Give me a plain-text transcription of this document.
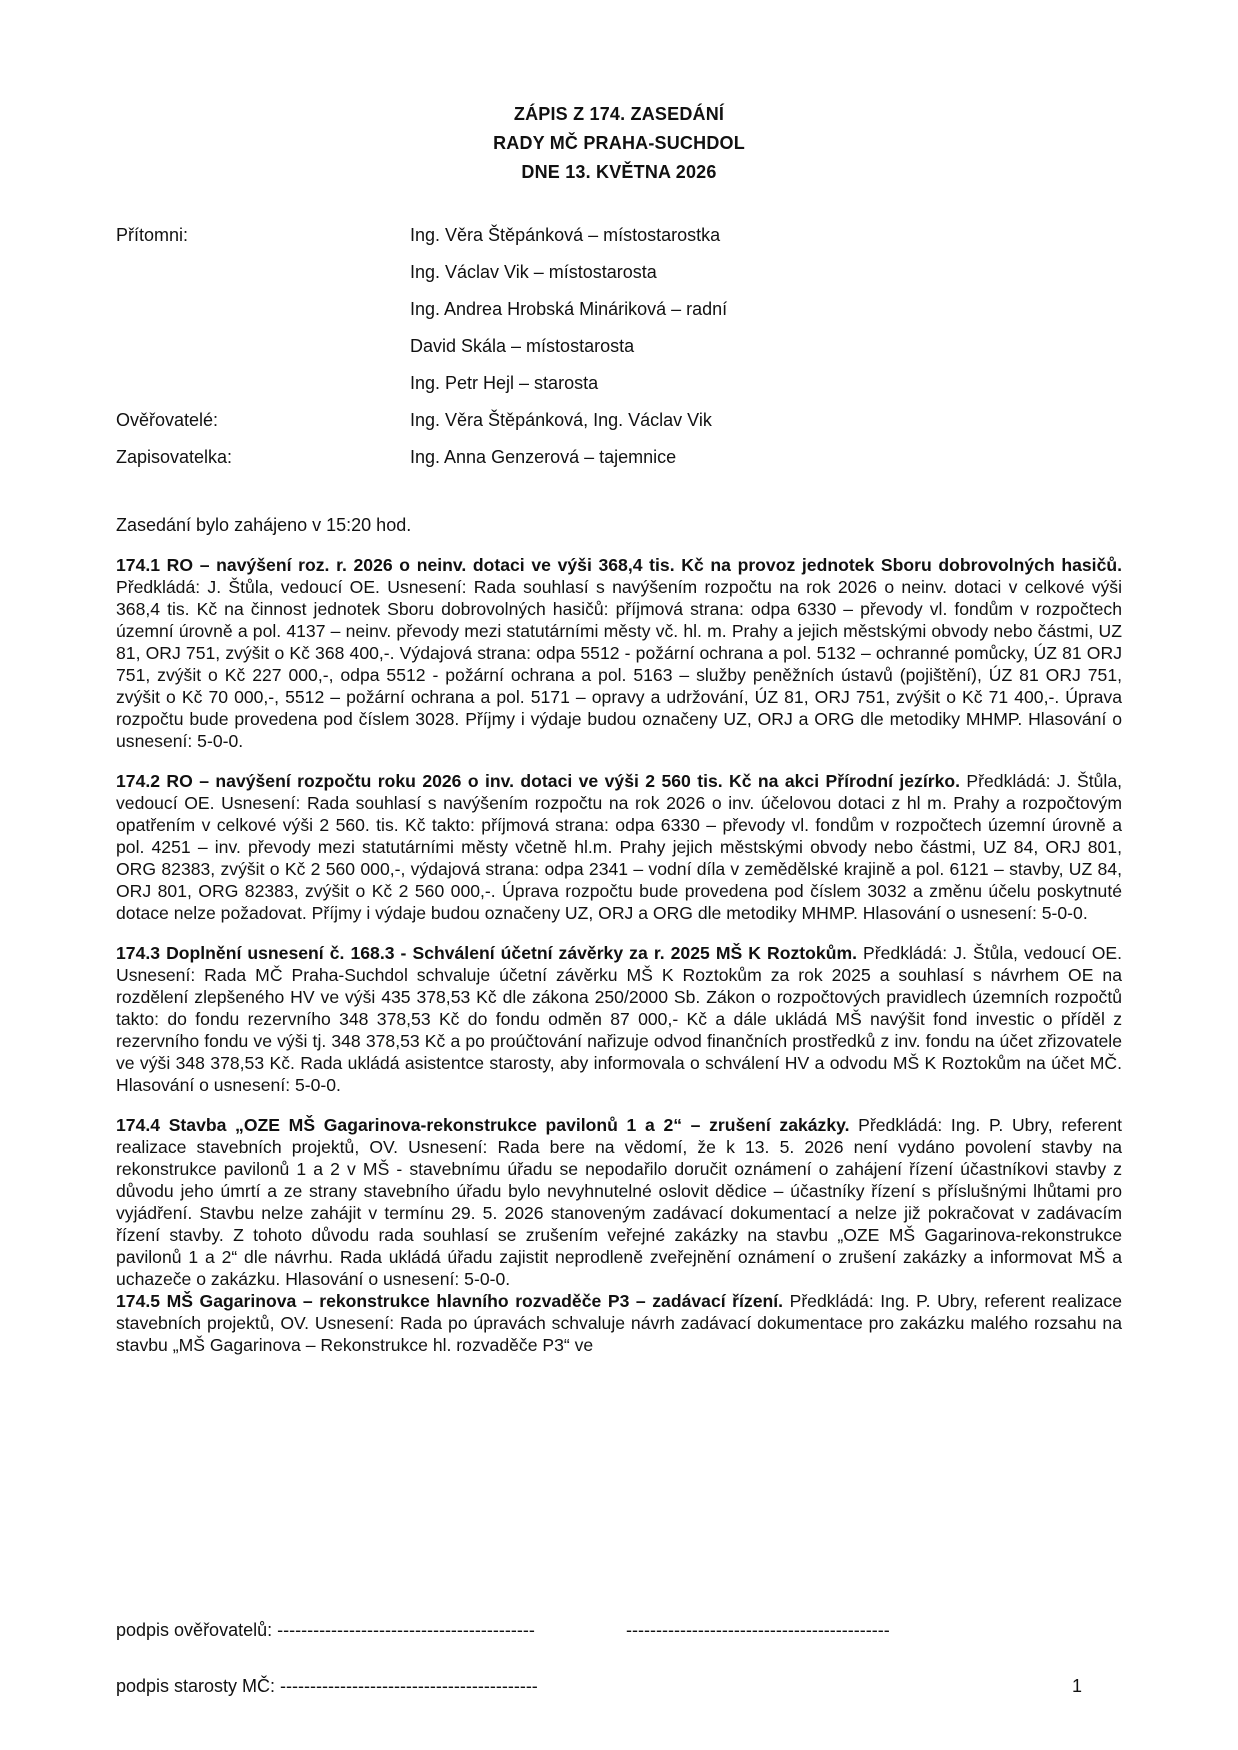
ZÁPIS Z 174. ZASEDÁNÍ
RADY MČ PRAHA-SUCHDOL
DNE 13. KVĚTNA 2026
Přítomni:	Ing. Věra Štěpánková – místostarostka
Ing. Václav Vik – místostarosta
Ing. Andrea Hrobská Mináriková – radní
David Skála – místostarosta
Ing. Petr Hejl – starosta
Ověřovatelé:	Ing. Věra Štěpánková, Ing. Václav Vik
Zapisovatelka:	Ing. Anna Genzerová – tajemnice
Zasedání bylo zahájeno v 15:20 hod.
174.1 RO – navýšení roz. r. 2026 o neinv. dotaci ve výši 368,4 tis. Kč na provoz jednotek Sboru dobrovolných hasičů. Předkládá: J. Štůla, vedoucí OE. Usnesení: Rada souhlasí s navýšením rozpočtu na rok 2026 o neinv. dotaci v celkové výši 368,4 tis. Kč na činnost jednotek Sboru dobrovolných hasičů: příjmová strana: odpa 6330 – převody vl. fondům v rozpočtech územní úrovně a pol. 4137 – neinv. převody mezi statutárními městy vč. hl. m. Prahy a jejich městskými obvody nebo částmi, UZ 81, ORJ 751, zvýšit o Kč 368 400,-. Výdajová strana: odpa 5512 - požární ochrana a pol. 5132 – ochranné pomůcky, ÚZ 81 ORJ 751, zvýšit o Kč 227 000,-, odpa 5512 - požární ochrana a pol. 5163 – služby peněžních ústavů (pojištění), ÚZ 81 ORJ 751, zvýšit o Kč 70 000,-, 5512 – požární ochrana a pol. 5171 – opravy a udržování, ÚZ 81, ORJ 751, zvýšit o Kč 71 400,-. Úprava rozpočtu bude provedena pod číslem 3028. Příjmy i výdaje budou označeny UZ, ORJ a ORG dle metodiky MHMP. Hlasování o usnesení: 5-0-0.
174.2 RO – navýšení rozpočtu roku 2026 o inv. dotaci ve výši 2 560 tis. Kč na akci Přírodní jezírko. Předkládá: J. Štůla, vedoucí OE. Usnesení: Rada souhlasí s navýšením rozpočtu na rok 2026 o inv. účelovou dotaci z hl m. Prahy a rozpočtovým opatřením v celkové výši 2 560. tis. Kč takto: příjmová strana: odpa 6330 – převody vl. fondům v rozpočtech územní úrovně a pol. 4251 – inv. převody mezi statutárními městy včetně hl.m. Prahy jejich městskými obvody nebo částmi, UZ 84, ORJ 801, ORG 82383, zvýšit o Kč 2 560 000,-, výdajová strana: odpa 2341 – vodní díla v zemědělské krajině a pol. 6121 – stavby, UZ 84, ORJ 801, ORG 82383, zvýšit o Kč 2 560 000,-. Úprava rozpočtu bude provedena pod číslem 3032 a změnu účelu poskytnuté dotace nelze požadovat. Příjmy i výdaje budou označeny UZ, ORJ a ORG dle metodiky MHMP. Hlasování o usnesení: 5-0-0.
174.3 Doplnění usnesení č. 168.3 - Schválení účetní závěrky za r. 2025 MŠ K Roztokům. Předkládá: J. Štůla, vedoucí OE. Usnesení: Rada MČ Praha-Suchdol schvaluje účetní závěrku MŠ K Roztokům za rok 2025 a souhlasí s návrhem OE na rozdělení zlepšeného HV ve výši 435 378,53 Kč dle zákona 250/2000 Sb. Zákon o rozpočtových pravidlech územních rozpočtů takto: do fondu rezervního 348 378,53 Kč do fondu odměn 87 000,- Kč a dále ukládá MŠ navýšit fond investic o příděl z rezervního fondu ve výši tj. 348 378,53 Kč a po proúčtování nařizuje odvod finančních prostředků z inv. fondu na účet zřizovatele ve výši 348 378,53 Kč. Rada ukládá asistentce starosty, aby informovala o schválení HV a odvodu MŠ K Roztokům na účet MČ. Hlasování o usnesení: 5-0-0.
174.4 Stavba „OZE MŠ Gagarinova-rekonstrukce pavilonů 1 a 2“ – zrušení zakázky. Předkládá: Ing. P. Ubry, referent realizace stavebních projektů, OV. Usnesení: Rada bere na vědomí, že k 13. 5. 2026 není vydáno povolení stavby na rekonstrukce pavilonů 1 a 2 v MŠ - stavebnímu úřadu se nepodařilo doručit oznámení o zahájení řízení účastníkovi stavby z důvodu jeho úmrtí a ze strany stavebního úřadu bylo nevyhnutelné oslovit dědice – účastníky řízení s příslušnými lhůtami pro vyjádření. Stavbu nelze zahájit v termínu 29. 5. 2026 stanoveným zadávací dokumentací a nelze již pokračovat v zadávacím řízení stavby. Z tohoto důvodu rada souhlasí se zrušením veřejné zakázky na stavbu „OZE MŠ Gagarinova-rekonstrukce pavilonů 1 a 2“ dle návrhu. Rada ukládá úřadu zajistit neprodleně zveřejnění oznámení o zrušení zakázky a informovat MŠ a uchazeče o zakázku. Hlasování o usnesení: 5-0-0.
174.5 MŠ Gagarinova – rekonstrukce hlavního rozvaděče P3 – zadávací řízení. Předkládá: Ing. P. Ubry, referent realizace stavebních projektů, OV. Usnesení: Rada po úpravách schvaluje návrh zadávací dokumentace pro zakázku malého rozsahu na stavbu „MŠ Gagarinova – Rekonstrukce hl. rozvaděče P3“ ve
podpis ověřovatelů: -------------------------------------------	--------------------------------------------
podpis starosty MČ: -------------------------------------------	1
